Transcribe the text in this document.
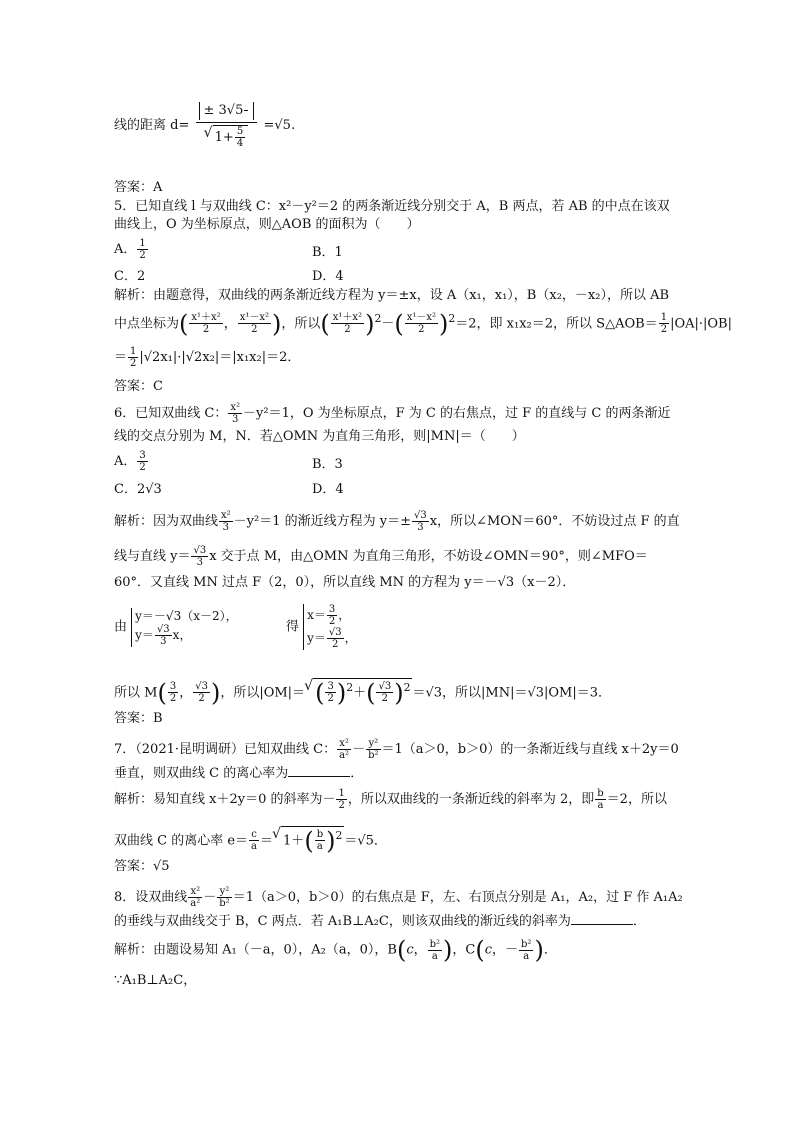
线的距离 d= ± 3√5
√ $1+ \frac{5}{4} =√5$.
答案：A
5．已知直线 l 与双曲线 C：x²－y²＝2 的两条渐近线分别交于 A，B 两点，若 AB 的中点在该双
曲线上，O 为坐标原点，则△AOB 的面积为（　　）
A． $\frac{1}{2}$	B．1
C．2	D．4
解析：由题意得，双曲线的两条渐近线方程为 y＝±x，设 A（x₁，x₁），B（x₂，－x₂），所以 AB
中点坐标为( $\frac{\text{x¹＋x²}}{2}$ ， $\frac{\text{x¹－x²}}{2}$ )，所以( $\frac{\text{x¹＋x²}}{2} )^2-( \frac{\text{x¹－x²}}{2} )^2=2$，即 x₁x₂＝2，所以 S△AOB＝ $\frac{1}{2} |OA|\cdot|OB|$
＝ $\frac{1}{2} |√2x_1|\cdot|√2x_2|=|x_1x_2|=2$．
答案：C
6．已知双曲线 C： $\frac{\text{x²}}{3} -y^2=1$，O 为坐标原点，F 为 C 的右焦点，过 F 的直线与 C 的两条渐近
线的交点分别为 M，N．若△OMN 为直角三角形，则|MN|＝（　　）
A． $\frac{3}{2}$	B．3
C．2√3	D．4
解析：因为双曲线 $\frac{\text{x²}}{3} -y^2=1$ 的渐近线方程为 $y=\pm \frac{√3}{3}$ x，所以∠MON＝60°．不妨设过点 F 的直
线与直线 $y= \frac{√3}{3}$ x 交于点 M，由△OMN 为直角三角形，不妨设∠OMN＝90°，则∠MFO＝
60°．又直线 MN 过点 F（2，0），所以直线 MN 的方程为 y＝－√3（x－2）．
由
y＝－√3（x－2），
$y= \frac{√3}{3}$ x，	得
$x= \frac{3}{2}$ ，
$y= \frac{√3}{2}$ ，
所以 $M( \frac{3}{2}$ ， $\frac{√3}{2}$ )，所以|OM|＝ √ ( $\frac{3}{2} )^2+( \frac{√3}{2} )^2 =√3$，所以|MN|＝√3|OM|＝3．
答案：B
7．（2021·昆明调研）已知双曲线 C： $\frac{\text{x²}}{\text{a²}} - \frac{\text{y²}}{\text{b²}} =1(a>0$，b＞0）的一条渐近线与直线 x＋2y＝0
垂直，则双曲线 C 的离心率为	．
解析：易知直线 x＋2y＝0 的斜率为－ $\frac{1}{2}$ ，所以双曲线的一条渐近线的斜率为 2，即 $\frac{b}{a} =2$，所以
双曲线 C 的离心率 $e= \frac{c}{a}$ ＝ √ $1+( \frac{b}{a} )^2 =√5$．
答案：√5
8．设双曲线 $\frac{\text{x²}}{\text{a²}} - \frac{\text{y²}}{\text{b²}} =1(a>0$，b＞0）的右焦点是 F，左、右顶点分别是 A₁，A₂，过 F 作 A₁A₂
的垂线与双曲线交于 B，C 两点．若 A₁B⊥A₂C，则该双曲线的渐近线的斜率为	．
解析：由题设易知 A₁（－a，0），A₂（a，0），B(c， $\frac{\text{b²}}{a}$ )，C(c，－ $\frac{\text{b²}}{a}$ )．
∵A₁B⊥A₂C，
